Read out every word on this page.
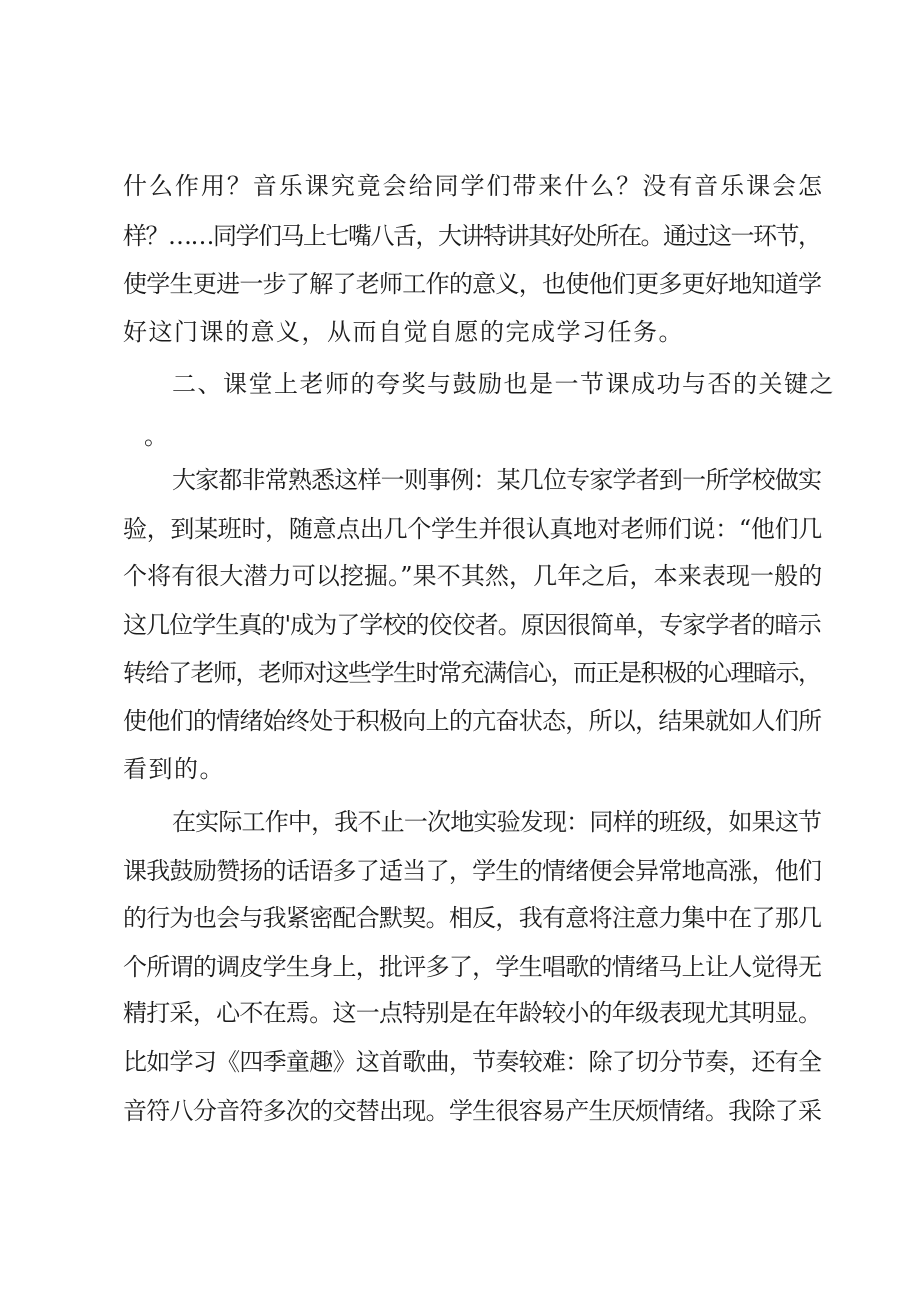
什么作用？音乐课究竟会给同学们带来什么？没有音乐课会怎
样？……同学们马上七嘴八舌，大讲特讲其好处所在。通过这一环节，
使学生更进一步了解了老师工作的意义，也使他们更多更好地知道学
好这门课的意义，从而自觉自愿的完成学习任务。
二、课堂上老师的夸奖与鼓励也是一节课成功与否的关键之
。
大家都非常熟悉这样一则事例：某几位专家学者到一所学校做实
验，到某班时，随意点出几个学生并很认真地对老师们说：“他们几
个将有很大潜力可以挖掘。”果不其然，几年之后，本来表现一般的
这几位学生真的'成为了学校的佼佼者。原因很简单，专家学者的暗示
转给了老师，老师对这些学生时常充满信心，而正是积极的心理暗示，
使他们的情绪始终处于积极向上的亢奋状态，所以，结果就如人们所
看到的。
在实际工作中，我不止一次地实验发现：同样的班级，如果这节
课我鼓励赞扬的话语多了适当了，学生的情绪便会异常地高涨，他们
的行为也会与我紧密配合默契。相反，我有意将注意力集中在了那几
个所谓的调皮学生身上，批评多了，学生唱歌的情绪马上让人觉得无
精打采，心不在焉。这一点特别是在年龄较小的年级表现尤其明显。
比如学习《四季童趣》这首歌曲，节奏较难：除了切分节奏，还有全
音符八分音符多次的交替出现。学生很容易产生厌烦情绪。我除了采
